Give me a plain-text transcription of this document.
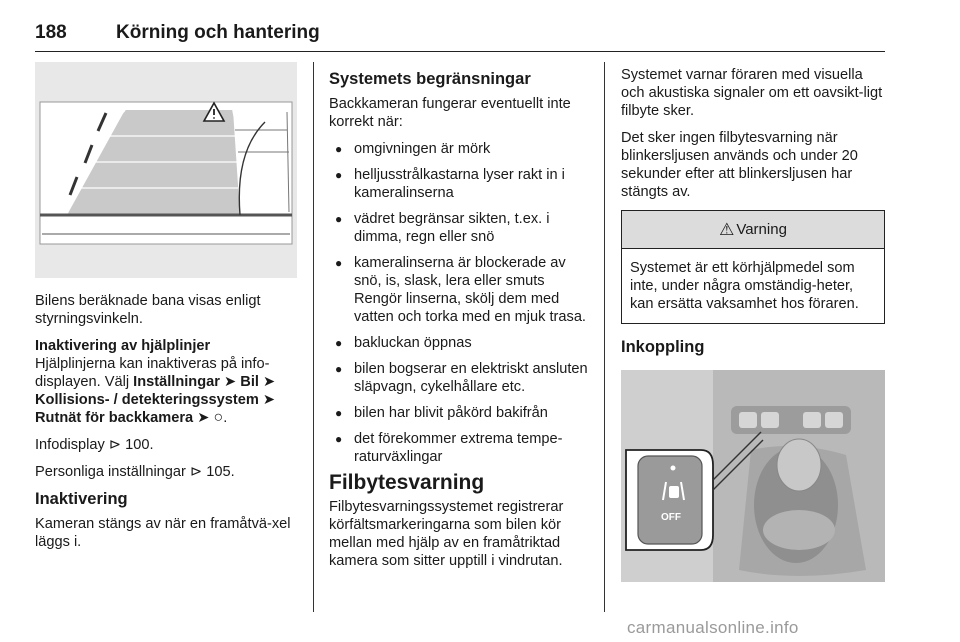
188	Körning och hantering

Bilens beräknade bana visas enligt styrningsvinkeln.

Inaktivering av hjälplinjer
Hjälplinjerna kan inaktiveras på info-displayen. Välj Inställningar ➤ Bil ➤ Kollisions- / detekteringssystem ➤ Rutnät för backkamera ➤ ○.

Infodisplay ⊳ 100.

Personliga inställningar ⊳ 105.

Inaktivering

Kameran stängs av när en framåtvä-xel läggs i.

Systemets begränsningar

Backkameran fungerar eventuellt inte korrekt när:

● omgivningen är mörk
● helljusstrålkastarna lyser rakt in i kameralinserna
● vädret begränsar sikten, t.ex. i dimma, regn eller snö
● kameralinserna är blockerade av snö, is, slask, lera eller smuts Rengör linserna, skölj dem med vatten och torka med en mjuk trasa.
● bakluckan öppnas
● bilen bogserar en elektriskt ansluten släpvagn, cykelhållare etc.
● bilen har blivit påkörd bakifrån
● det förekommer extrema tempe-raturväxlingar
Filbytesvarning

Filbytesvarningssystemet registrerar körfältsmarkeringarna som bilen kör mellan med hjälp av en framåtriktad kamera som sitter upptill i vindrutan.

Systemet varnar föraren med visuella och akustiska signaler om ett oavsikt-ligt filbyte sker.

Det sker ingen filbytesvarning när blinkersljusen används och under 20 sekunder efter att blinkersljusen har stängts av.

⚠ Varning
Systemet är ett körhjälpmedel som inte, under några omständig-heter, kan ersätta vaksamhet hos föraren.
Inkoppling
OFF
carmanualsonline.info
